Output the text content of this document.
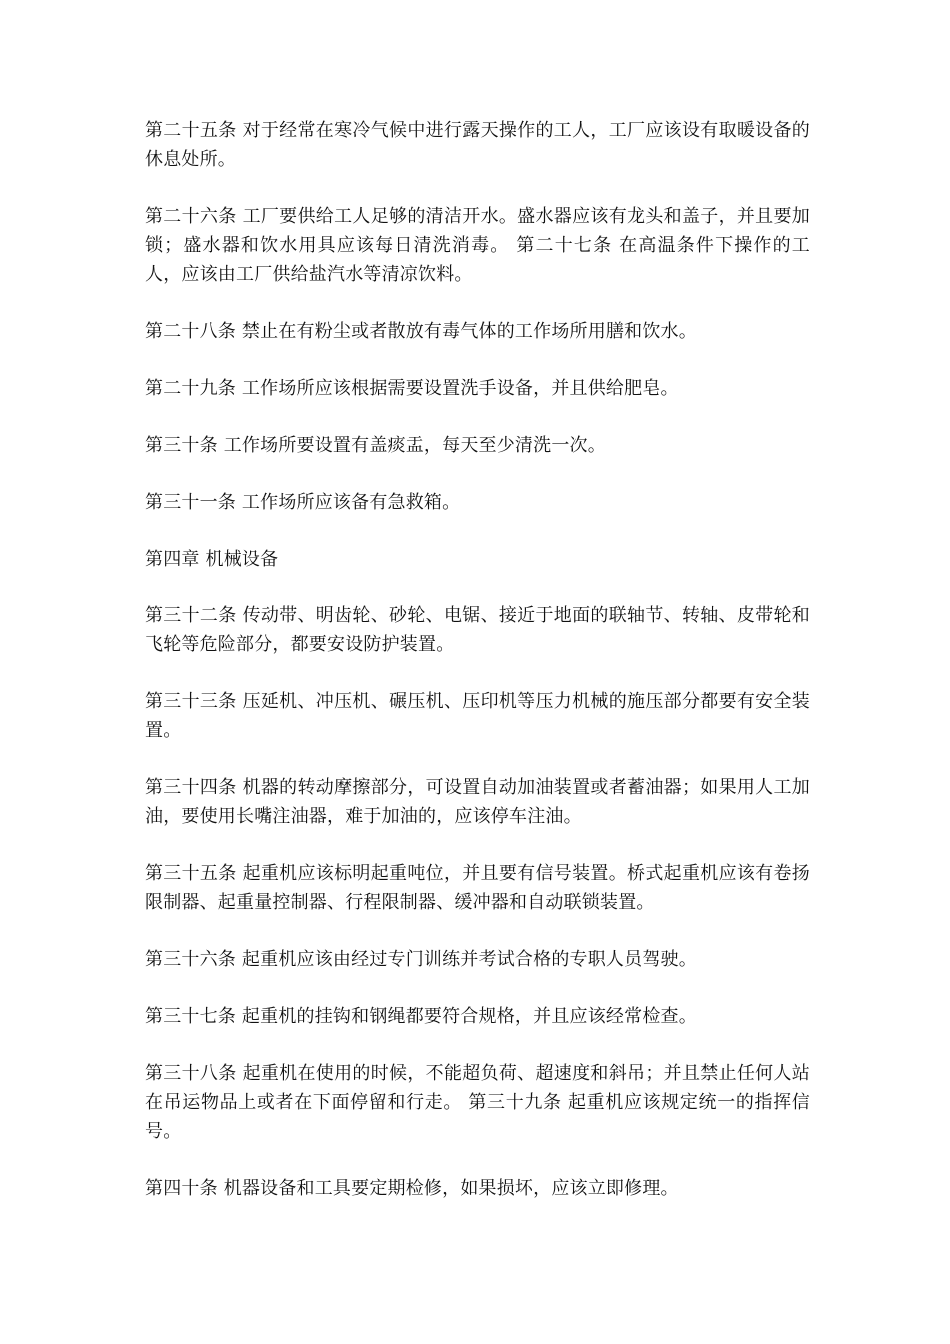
第二十五条 对于经常在寒冷气候中进行露天操作的工人，工厂应该设有取暖设备的休息处所。

第二十六条 工厂要供给工人足够的清洁开水。盛水器应该有龙头和盖子，并且要加锁；盛水器和饮水用具应该每日清洗消毒。 第二十七条 在高温条件下操作的工人，应该由工厂供给盐汽水等清凉饮料。

第二十八条 禁止在有粉尘或者散放有毒气体的工作场所用膳和饮水。

第二十九条 工作场所应该根据需要设置洗手设备，并且供给肥皂。

第三十条 工作场所要设置有盖痰盂，每天至少清洗一次。

第三十一条 工作场所应该备有急救箱。

第四章 机械设备

第三十二条 传动带、明齿轮、砂轮、电锯、接近于地面的联轴节、转轴、皮带轮和飞轮等危险部分，都要安设防护装置。

第三十三条 压延机、冲压机、碾压机、压印机等压力机械的施压部分都要有安全装置。

第三十四条 机器的转动摩擦部分，可设置自动加油装置或者蓄油器；如果用人工加油，要使用长嘴注油器，难于加油的，应该停车注油。

第三十五条 起重机应该标明起重吨位，并且要有信号装置。桥式起重机应该有卷扬限制器、起重量控制器、行程限制器、缓冲器和自动联锁装置。

第三十六条 起重机应该由经过专门训练并考试合格的专职人员驾驶。

第三十七条 起重机的挂钩和钢绳都要符合规格，并且应该经常检查。

第三十八条 起重机在使用的时候，不能超负荷、超速度和斜吊；并且禁止任何人站在吊运物品上或者在下面停留和行走。 第三十九条 起重机应该规定统一的指挥信号。

第四十条 机器设备和工具要定期检修，如果损坏，应该立即修理。
